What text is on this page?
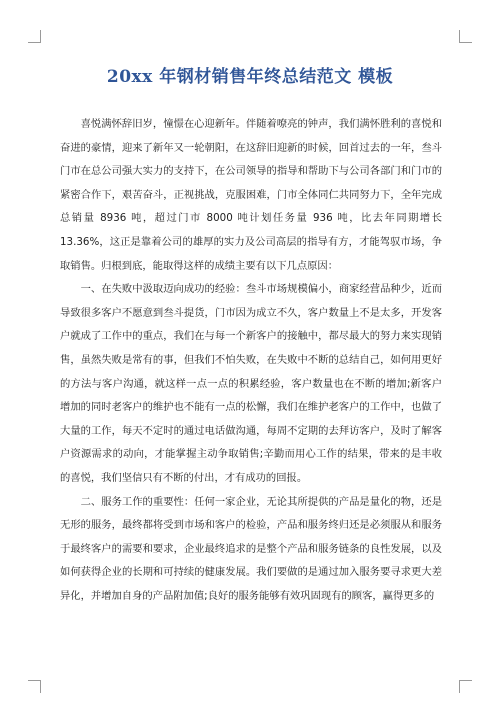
20xx 年钢材销售年终总结范文 模板

喜悦满怀辞旧岁，憧憬在心迎新年。伴随着嘹亮的钟声，我们满怀胜利的喜悦和奋进的豪情，迎来了新年又一轮朝阳，在这辞旧迎新的时候，回首过去的一年，叁斗门市在总公司强大实力的支持下，在公司领导的指导和帮助下与公司各部门和门市的紧密合作下，艰苦奋斗，正视挑战，克服困难，门市全体同仁共同努力下，全年完成总销量 8936 吨，超过门市 8000 吨计划任务量 936 吨，比去年同期增长 13.36%，这正是靠着公司的雄厚的实力及公司高层的指导有方，才能驾驭市场，争取销售。归根到底，能取得这样的成绩主要有以下几点原因：

一、在失败中汲取迈向成功的经验：叁斗市场规模偏小，商家经营品种少，近而导致很多客户不愿意到叁斗提货，门市因为成立不久，客户数量上不是太多，开发客户就成了工作中的重点，我们在与每一个新客户的接触中，都尽最大的努力来实现销售，虽然失败是常有的事，但我们不怕失败，在失败中不断的总结自己，如何用更好的方法与客户沟通，就这样一点一点的积累经验，客户数量也在不断的增加;新客户增加的同时老客户的维护也不能有一点的松懈，我们在维护老客户的工作中，也做了大量的工作，每天不定时的通过电话做沟通，每周不定期的去拜访客户，及时了解客户资源需求的动向，才能掌握主动争取销售;辛勤而用心工作的结果，带来的是丰收的喜悦，我们坚信只有不断的付出，才有成功的回报。

二、服务工作的重要性：任何一家企业，无论其所提供的产品是量化的物，还是无形的服务，最终都将受到市场和客户的检验，产品和服务终归还是必须服从和服务于最终客户的需要和要求，企业最终追求的是整个产品和服务链条的良性发展，以及如何获得企业的长期和可持续的健康发展。我们要做的是通过加入服务要寻求更大差异化，并增加自身的产品附加值;良好的服务能够有效巩固现有的顾客，赢得更多的
